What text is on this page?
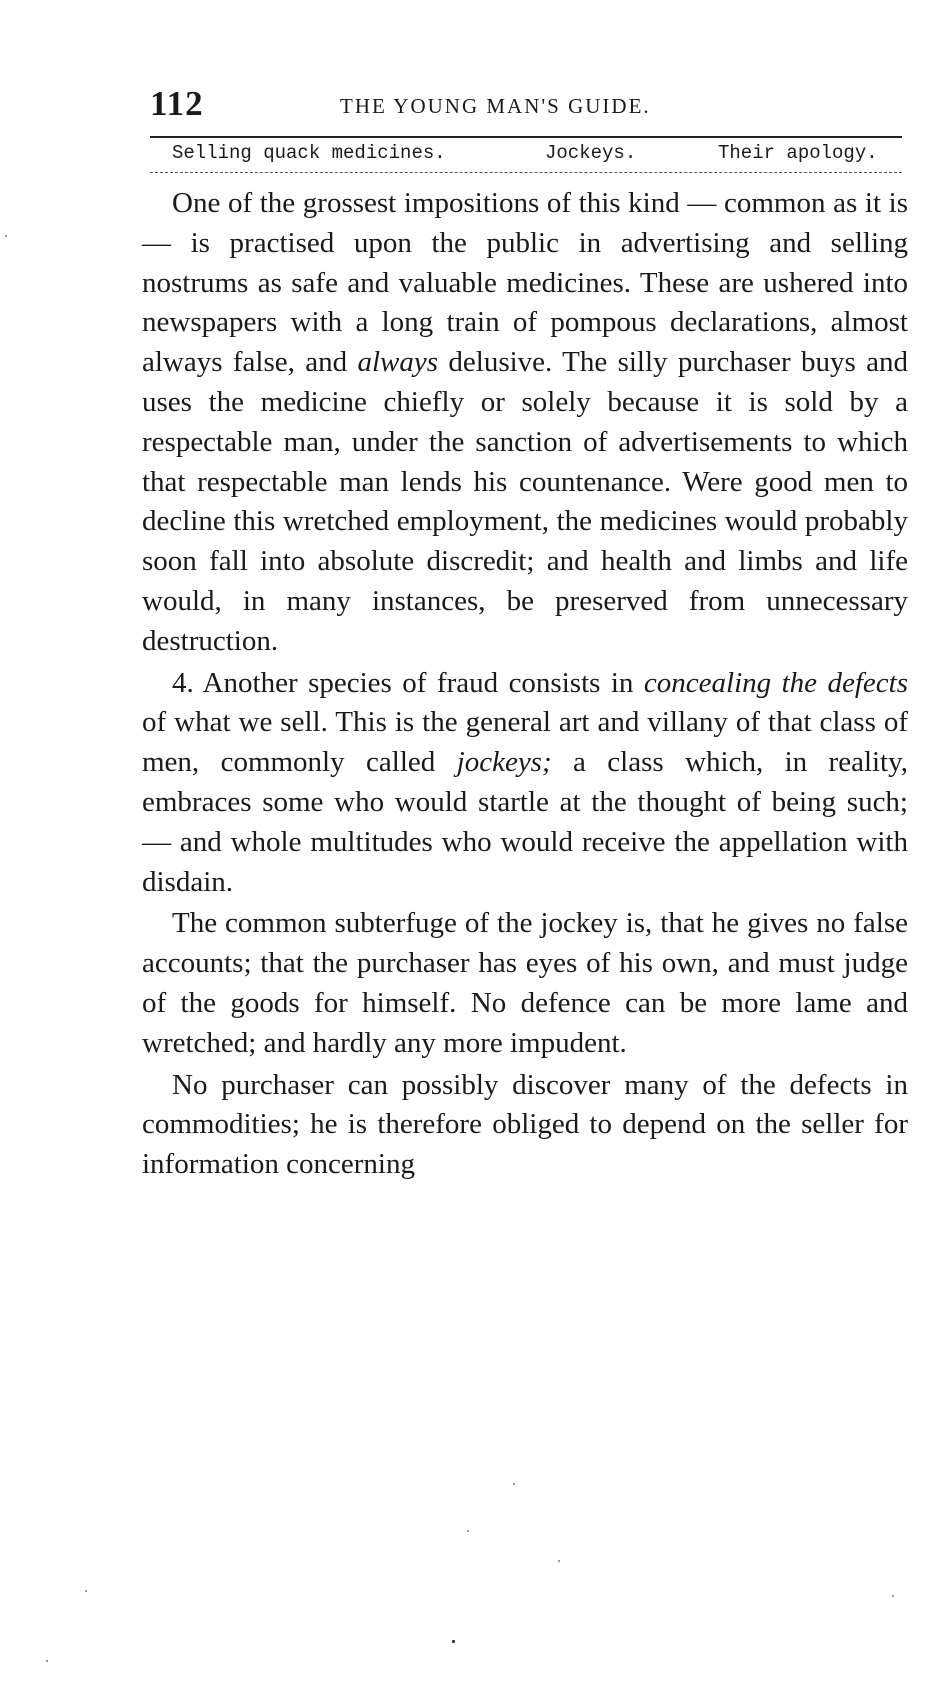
112	THE YOUNG MAN'S GUIDE.
Selling quack medicines.	Jockeys.	Their apology.

One of the grossest impositions of this kind — common as it is — is practised upon the public in advertising and selling nostrums as safe and valuable medicines. These are ushered into newspapers with a long train of pompous declarations, almost always false, and always delusive. The silly purchaser buys and uses the medicine chiefly or solely because it is sold by a respectable man, under the sanction of advertisements to which that respectable man lends his countenance. Were good men to decline this wretched employment, the medicines would probably soon fall into absolute discredit; and health and limbs and life would, in many instances, be preserved from unnecessary destruction.

4. Another species of fraud consists in concealing the defects of what we sell. This is the general art and villany of that class of men, commonly called jockeys; a class which, in reality, embraces some who would startle at the thought of being such; — and whole multitudes who would receive the appellation with disdain.

The common subterfuge of the jockey is, that he gives no false accounts; that the purchaser has eyes of his own, and must judge of the goods for himself. No defence can be more lame and wretched; and hardly any more impudent.

No purchaser can possibly discover many of the defects in commodities; he is therefore obliged to depend on the seller for information concerning
